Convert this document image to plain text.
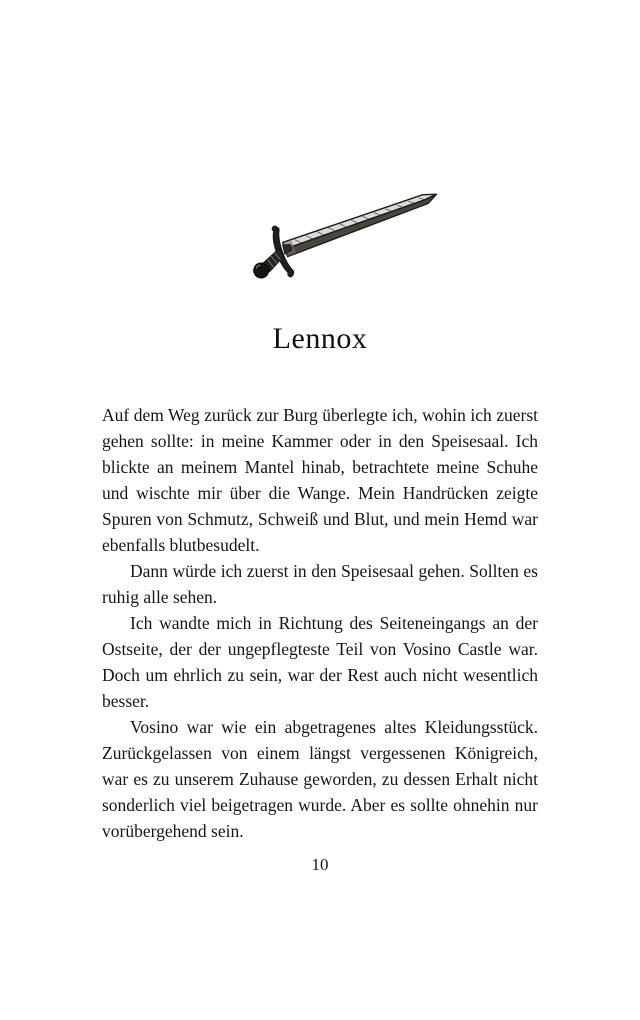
Lennox

Auf dem Weg zurück zur Burg überlegte ich, wohin ich zuerst gehen sollte: in meine Kammer oder in den Speisesaal. Ich blickte an meinem Mantel hinab, betrachtete meine Schuhe und wischte mir über die Wange. Mein Handrücken zeigte Spuren von Schmutz, Schweiß und Blut, und mein Hemd war ebenfalls blutbesudelt.

Dann würde ich zuerst in den Speisesaal gehen. Sollten es ruhig alle sehen.

Ich wandte mich in Richtung des Seiteneingangs an der Ostseite, der der ungepflegteste Teil von Vosino Castle war. Doch um ehrlich zu sein, war der Rest auch nicht wesentlich besser.

Vosino war wie ein abgetragenes altes Kleidungsstück. Zurückgelassen von einem längst vergessenen Königreich, war es zu unserem Zuhause geworden, zu dessen Erhalt nicht sonderlich viel beigetragen wurde. Aber es sollte ohnehin nur vorübergehend sein.

10
